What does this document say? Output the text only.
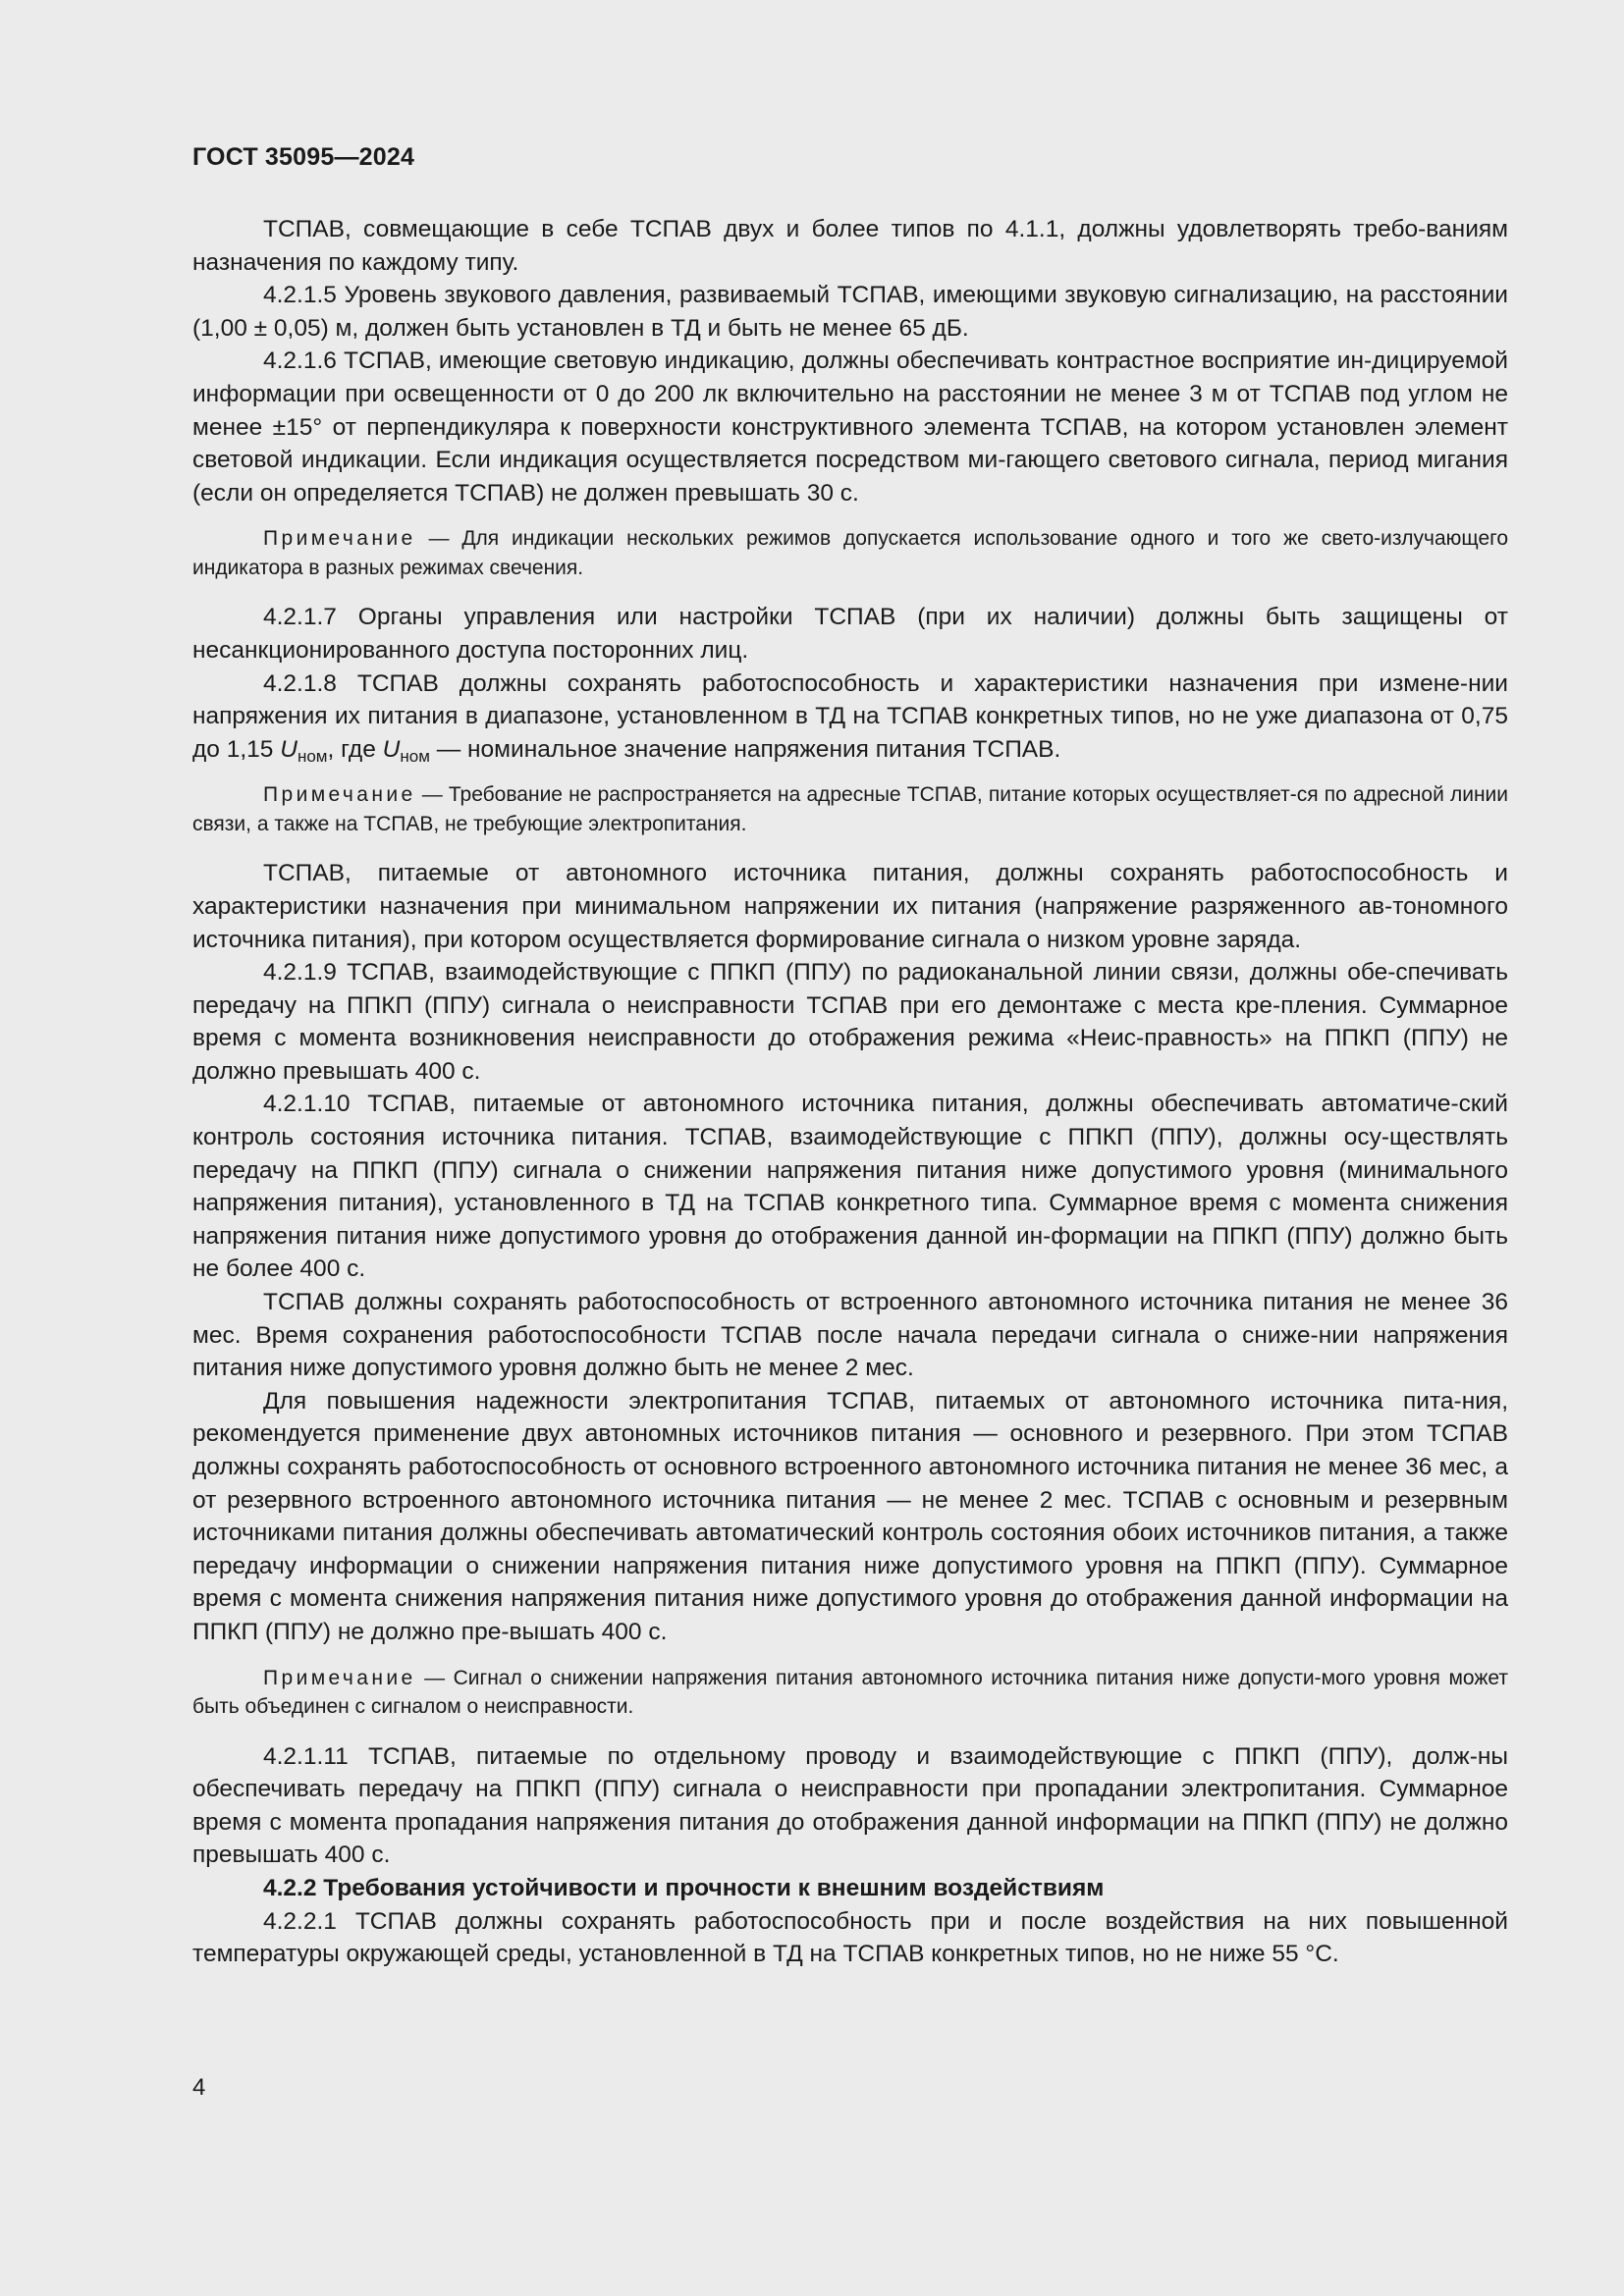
ГОСТ 35095—2024

ТСПАВ, совмещающие в себе ТСПАВ двух и более типов по 4.1.1, должны удовлетворять требо-ваниям назначения по каждому типу.

4.2.1.5 Уровень звукового давления, развиваемый ТСПАВ, имеющими звуковую сигнализацию, на расстоянии (1,00 ± 0,05) м, должен быть установлен в ТД и быть не менее 65 дБ.

4.2.1.6 ТСПАВ, имеющие световую индикацию, должны обеспечивать контрастное восприятие ин-дицируемой информации при освещенности от 0 до 200 лк включительно на расстоянии не менее 3 м от ТСПАВ под углом не менее ±15° от перпендикуляра к поверхности конструктивного элемента ТСПАВ, на котором установлен элемент световой индикации. Если индикация осуществляется посредством ми-гающего светового сигнала, период мигания (если он определяется ТСПАВ) не должен превышать 30 с.

Примечание — Для индикации нескольких режимов допускается использование одного и того же свето-излучающего индикатора в разных режимах свечения.

4.2.1.7 Органы управления или настройки ТСПАВ (при их наличии) должны быть защищены от несанкционированного доступа посторонних лиц.

4.2.1.8 ТСПАВ должны сохранять работоспособность и характеристики назначения при измене-нии напряжения их питания в диапазоне, установленном в ТД на ТСПАВ конкретных типов, но не уже диапазона от 0,75 до 1,15 $U_{ном}$, где $U_{ном}$ — номинальное значение напряжения питания ТСПАВ.

Примечание — Требование не распространяется на адресные ТСПАВ, питание которых осуществляет-ся по адресной линии связи, а также на ТСПАВ, не требующие электропитания.

ТСПАВ, питаемые от автономного источника питания, должны сохранять работоспособность и характеристики назначения при минимальном напряжении их питания (напряжение разряженного ав-тономного источника питания), при котором осуществляется формирование сигнала о низком уровне заряда.

4.2.1.9 ТСПАВ, взаимодействующие с ППКП (ППУ) по радиоканальной линии связи, должны обе-спечивать передачу на ППКП (ППУ) сигнала о неисправности ТСПАВ при его демонтаже с места кре-пления. Суммарное время с момента возникновения неисправности до отображения режима «Неис-правность» на ППКП (ППУ) не должно превышать 400 с.

4.2.1.10 ТСПАВ, питаемые от автономного источника питания, должны обеспечивать автоматиче-ский контроль состояния источника питания. ТСПАВ, взаимодействующие с ППКП (ППУ), должны осу-ществлять передачу на ППКП (ППУ) сигнала о снижении напряжения питания ниже допустимого уровня (минимального напряжения питания), установленного в ТД на ТСПАВ конкретного типа. Суммарное время с момента снижения напряжения питания ниже допустимого уровня до отображения данной ин-формации на ППКП (ППУ) должно быть не более 400 с.

ТСПАВ должны сохранять работоспособность от встроенного автономного источника питания не менее 36 мес. Время сохранения работоспособности ТСПАВ после начала передачи сигнала о сниже-нии напряжения питания ниже допустимого уровня должно быть не менее 2 мес.

Для повышения надежности электропитания ТСПАВ, питаемых от автономного источника пита-ния, рекомендуется применение двух автономных источников питания — основного и резервного. При этом ТСПАВ должны сохранять работоспособность от основного встроенного автономного источника питания не менее 36 мес, а от резервного встроенного автономного источника питания — не менее 2 мес. ТСПАВ с основным и резервным источниками питания должны обеспечивать автоматический контроль состояния обоих источников питания, а также передачу информации о снижении напряжения питания ниже допустимого уровня на ППКП (ППУ). Суммарное время с момента снижения напряжения питания ниже допустимого уровня до отображения данной информации на ППКП (ППУ) не должно пре-вышать 400 с.

Примечание — Сигнал о снижении напряжения питания автономного источника питания ниже допусти-мого уровня может быть объединен с сигналом о неисправности.

4.2.1.11 ТСПАВ, питаемые по отдельному проводу и взаимодействующие с ППКП (ППУ), долж-ны обеспечивать передачу на ППКП (ППУ) сигнала о неисправности при пропадании электропитания. Суммарное время с момента пропадания напряжения питания до отображения данной информации на ППКП (ППУ) не должно превышать 400 с.

4.2.2 Требования устойчивости и прочности к внешним воздействиям

4.2.2.1 ТСПАВ должны сохранять работоспособность при и после воздействия на них повышенной температуры окружающей среды, установленной в ТД на ТСПАВ конкретных типов, но не ниже 55 °С.

4
